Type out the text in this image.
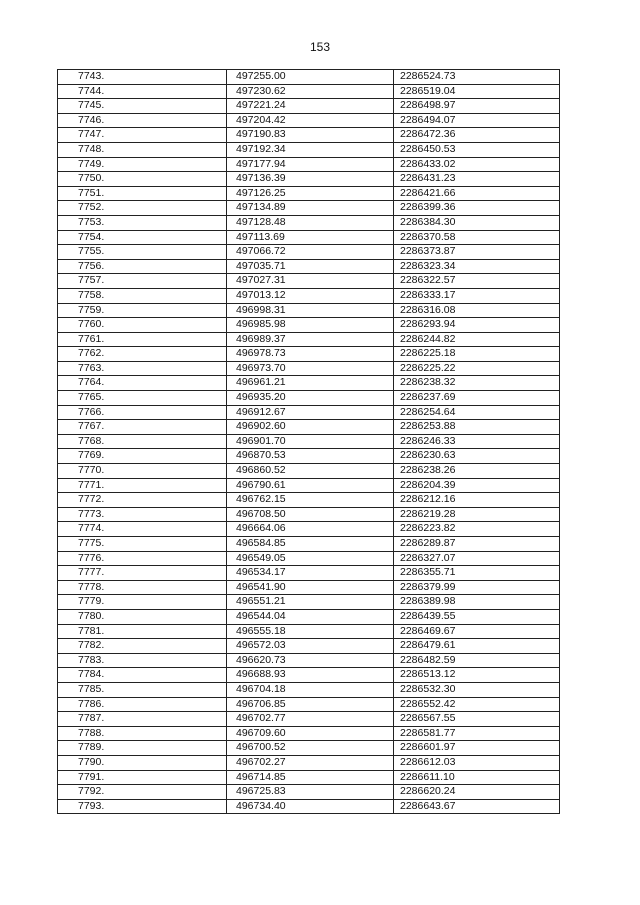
153
7743.	497255.00	2286524.73
7744.	497230.62	2286519.04
7745.	497221.24	2286498.97
7746.	497204.42	2286494.07
7747.	497190.83	2286472.36
7748.	497192.34	2286450.53
7749.	497177.94	2286433.02
7750.	497136.39	2286431.23
7751.	497126.25	2286421.66
7752.	497134.89	2286399.36
7753.	497128.48	2286384.30
7754.	497113.69	2286370.58
7755.	497066.72	2286373.87
7756.	497035.71	2286323.34
7757.	497027.31	2286322.57
7758.	497013.12	2286333.17
7759.	496998.31	2286316.08
7760.	496985.98	2286293.94
7761.	496989.37	2286244.82
7762.	496978.73	2286225.18
7763.	496973.70	2286225.22
7764.	496961.21	2286238.32
7765.	496935.20	2286237.69
7766.	496912.67	2286254.64
7767.	496902.60	2286253.88
7768.	496901.70	2286246.33
7769.	496870.53	2286230.63
7770.	496860.52	2286238.26
7771.	496790.61	2286204.39
7772.	496762.15	2286212.16
7773.	496708.50	2286219.28
7774.	496664.06	2286223.82
7775.	496584.85	2286289.87
7776.	496549.05	2286327.07
7777.	496534.17	2286355.71
7778.	496541.90	2286379.99
7779.	496551.21	2286389.98
7780.	496544.04	2286439.55
7781.	496555.18	2286469.67
7782.	496572.03	2286479.61
7783.	496620.73	2286482.59
7784.	496688.93	2286513.12
7785.	496704.18	2286532.30
7786.	496706.85	2286552.42
7787.	496702.77	2286567.55
7788.	496709.60	2286581.77
7789.	496700.52	2286601.97
7790.	496702.27	2286612.03
7791.	496714.85	2286611.10
7792.	496725.83	2286620.24
7793.	496734.40	2286643.67
